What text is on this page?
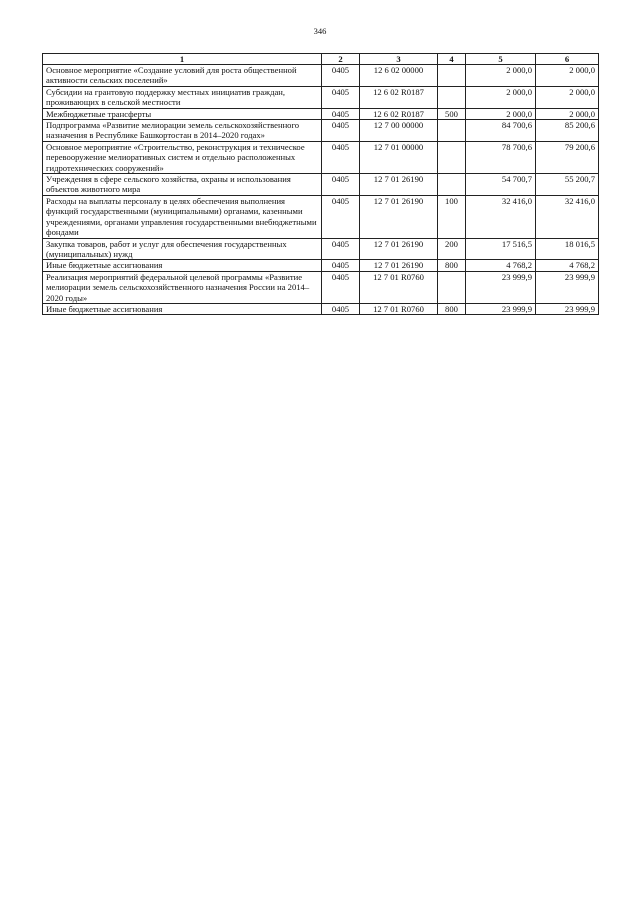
346
1	2	3	4	5	6
Основное мероприятие «Создание условий для роста общественной активности сельских поселений»	0405	12 6 02 00000		2 000,0	2 000,0
Субсидии на грантовую поддержку местных инициатив граждан, проживающих в сельской местности	0405	12 6 02 R0187		2 000,0	2 000,0
Межбюджетные трансферты	0405	12 6 02 R0187	500	2 000,0	2 000,0
Подпрограмма «Развитие мелиорации земель сельскохозяйственного назначения в Республике Башкортостан в 2014–2020 годах»	0405	12 7 00 00000		84 700,6	85 200,6
Основное мероприятие «Строительство, реконструкция и техническое перевооружение мелиоративных систем и отдельно расположенных гидротехнических сооружений»	0405	12 7 01 00000		78 700,6	79 200,6
Учреждения в сфере сельского хозяйства, охраны и использования объектов животного мира	0405	12 7 01 26190		54 700,7	55 200,7
Расходы на выплаты персоналу в целях обеспечения выполнения функций государственными (муниципальными) органами, казенными учреждениями, органами управления государственными внебюджетными фондами	0405	12 7 01 26190	100	32 416,0	32 416,0
Закупка товаров, работ и услуг для обеспечения государственных (муниципальных) нужд	0405	12 7 01 26190	200	17 516,5	18 016,5
Иные бюджетные ассигнования	0405	12 7 01 26190	800	4 768,2	4 768,2
Реализация мероприятий федеральной целевой программы «Развитие мелиорации земель сельскохозяйственного назначения России на 2014–2020 годы»	0405	12 7 01 R0760		23 999,9	23 999,9
Иные бюджетные ассигнования	0405	12 7 01 R0760	800	23 999,9	23 999,9
